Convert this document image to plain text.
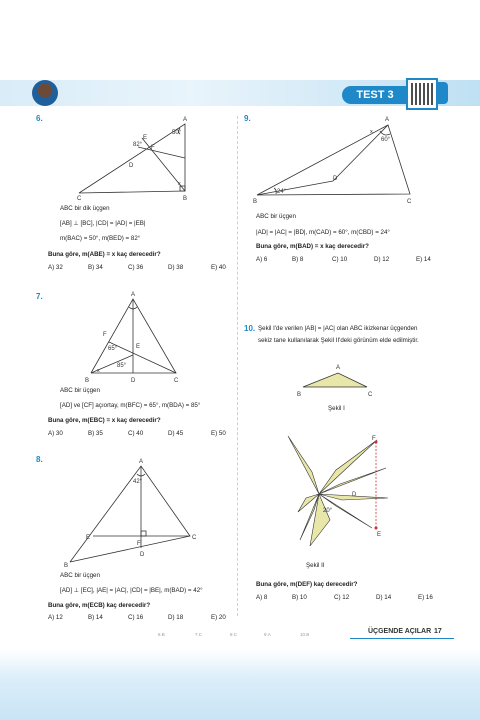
TEST 3
6.	A
B
C
D
E
F
50°
82°
x
ABC bir dik üçgen
[AB] ⊥ [BC], |CD| = |AD| = |EB|
m(BAC) = 50°, m(BED) = 82°
Buna göre, m(ABE) = x kaç derecedir?
A) 32	B) 34	C) 36	D) 38	E) 40
7.	A
B	C
D
E
F
65°
85°
x
ABC bir üçgen
[AD] ve [CF] açıortay, m(BFC) = 65°, m(BDA) = 85°
Buna göre, m(EBC) = x kaç derecedir?
A) 30	B) 35	C) 40	D) 45	E) 50
8.	A
B
C
D
E
F
42°
ABC bir üçgen
[AD] ⊥ [EC], |AE| = |AC|, |CD| = |BE|, m(BAD) = 42°
Buna göre, m(ECB) kaç derecedir?
A) 12	B) 14	C) 16	D) 18	E) 20
9.	A
B	C
D
60°
24°
x
ABC bir üçgen
|AD| = |AC| = |BD|, m(CAD) = 60°, m(CBD) = 24°
Buna göre, m(BAD) = x kaç derecedir?
A) 6	B) 8	C) 10	D) 12	E) 14
10. Şekil I'de verilen |AB| = |AC| olan ABC ikizkenar üçgenden
sekiz tane kullanılarak Şekil II'deki görünüm elde edilmiştir.
A
B	C
Şekil I
F
D
E
20°
Şekil II
Buna göre, m(DEF) kaç derecedir?
A) 8	B) 10	C) 12	D) 14	E) 16
6.B	7.C	8.C	9.A	10.B	ÜÇGENDE AÇILAR 17
